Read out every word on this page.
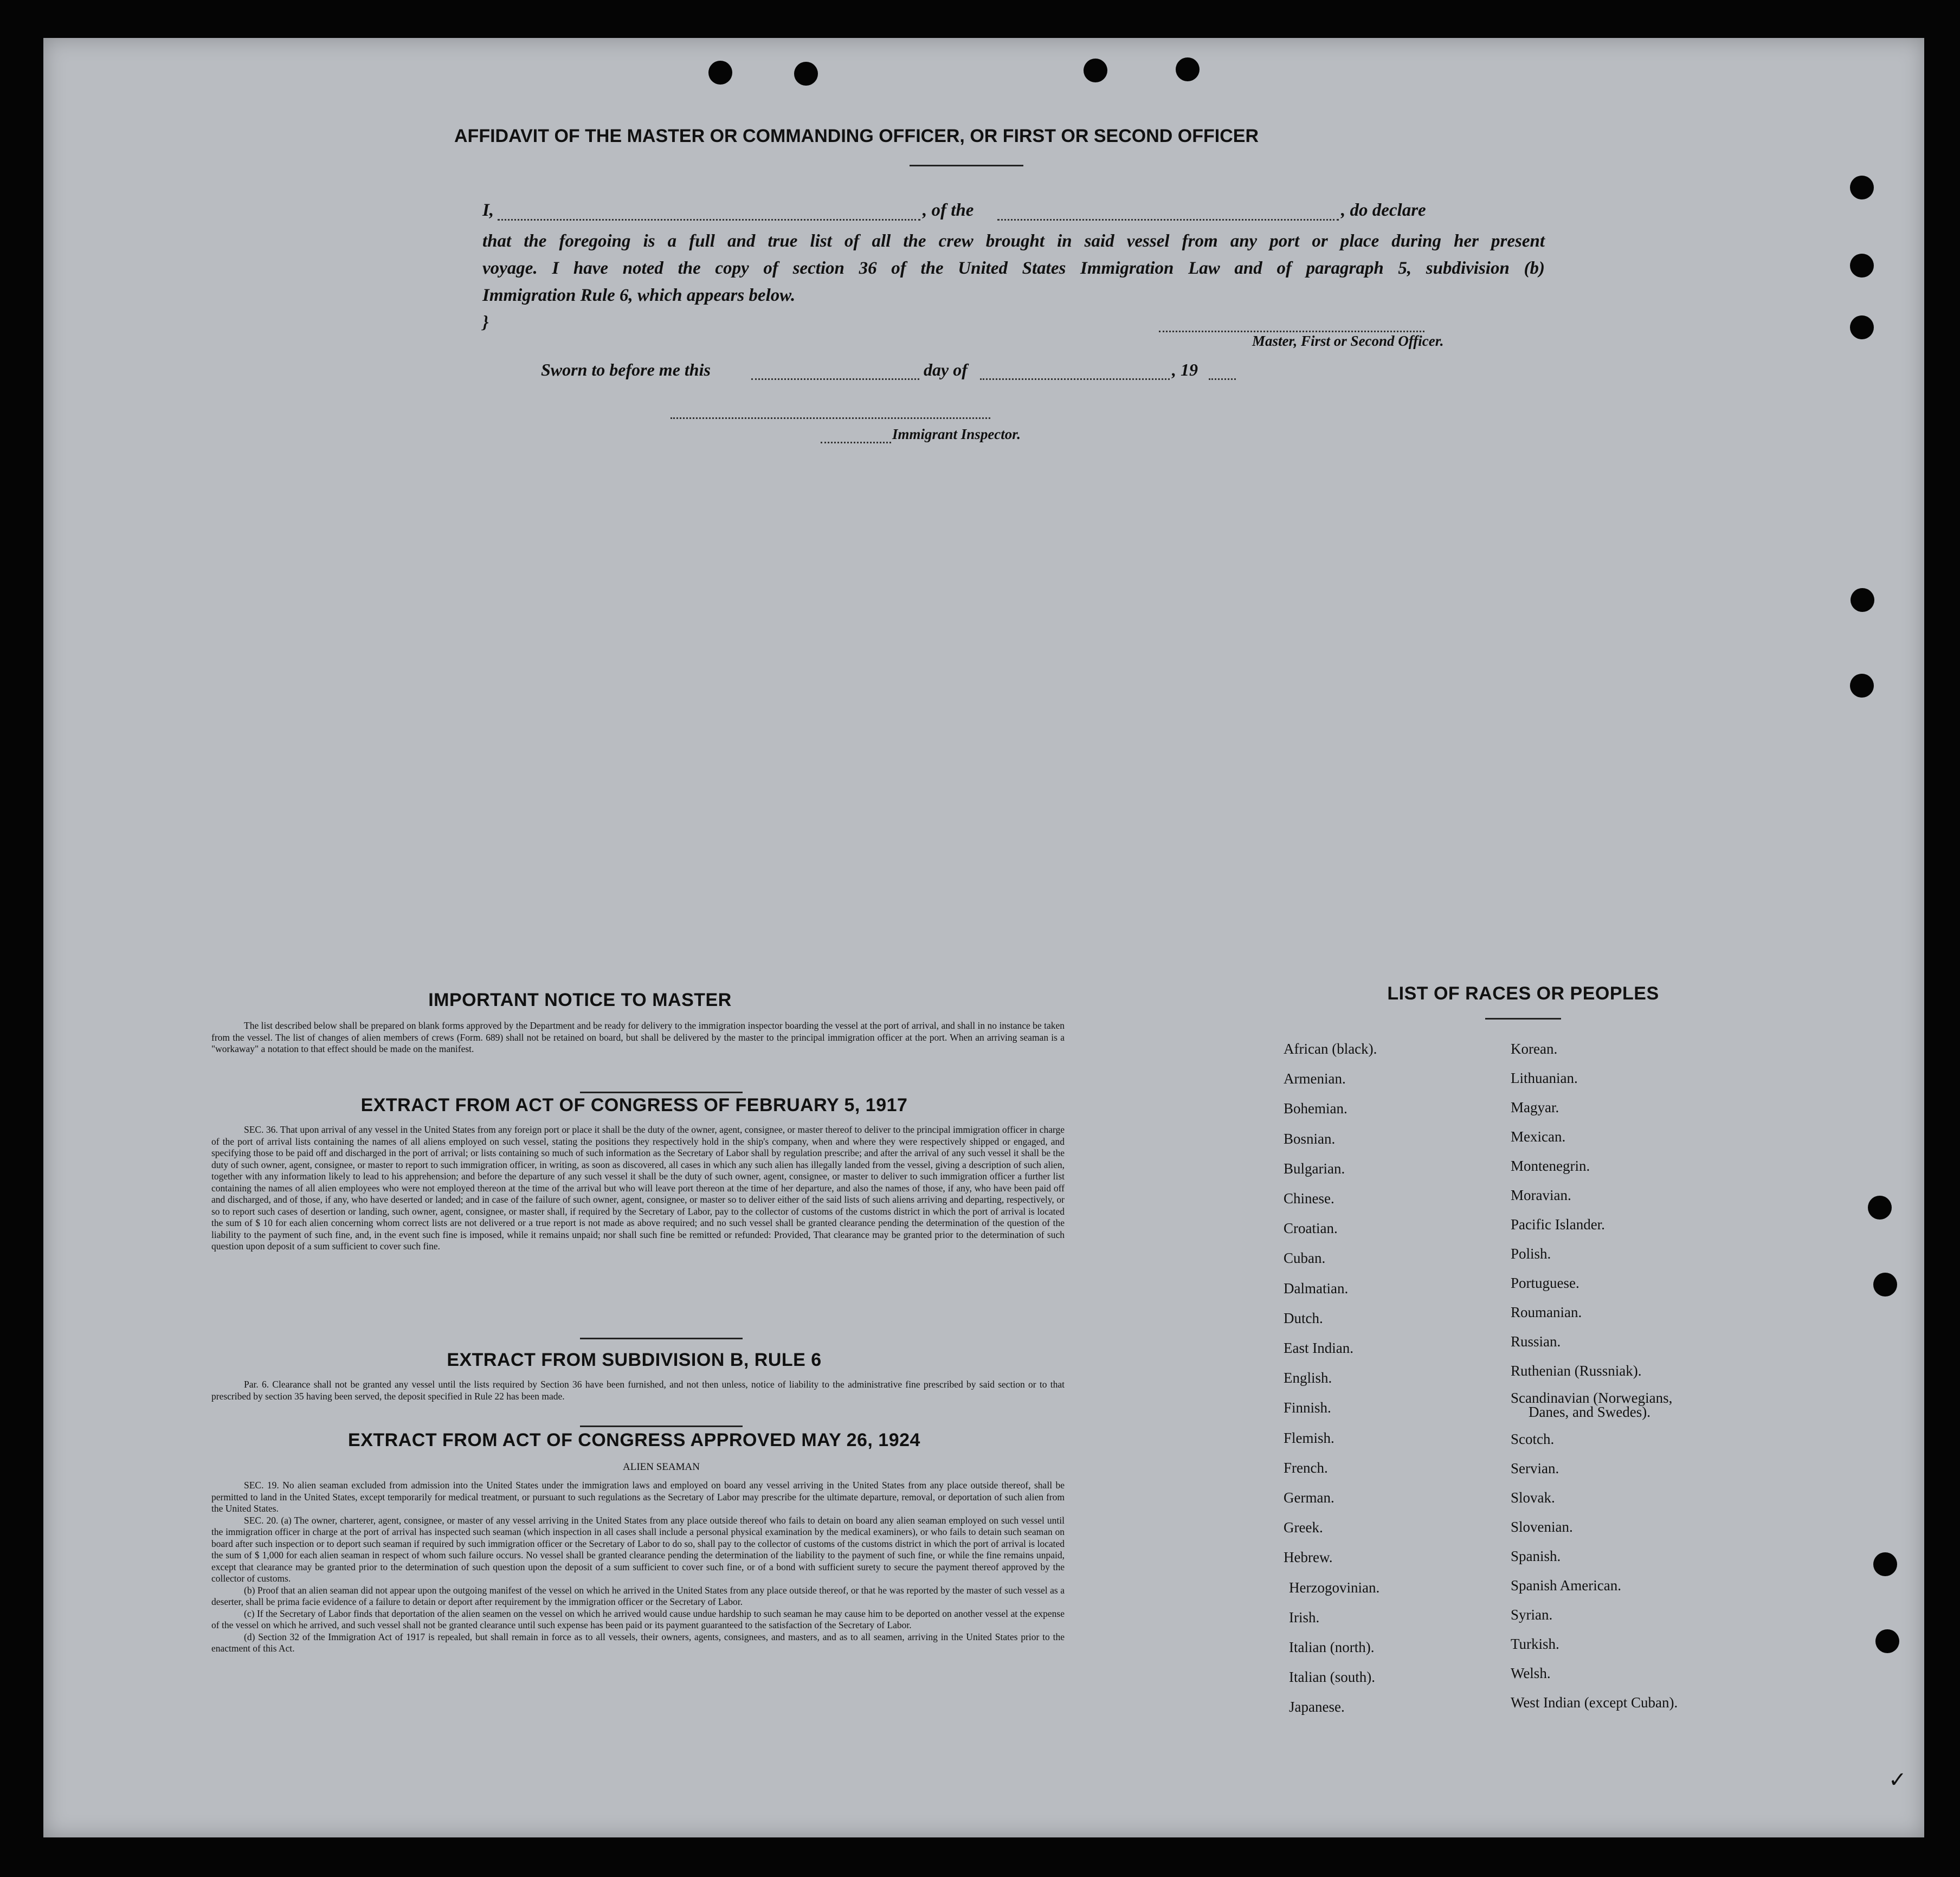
AFFIDAVIT OF THE MASTER OR COMMANDING OFFICER, OR FIRST OR SECOND OFFICER
I,	, of the	, do declare
that the foregoing is a full and true list of all the crew brought in said vessel from any port or place during her present
voyage. I have noted the copy of section 36 of the United States Immigration Law and of paragraph 5, subdivision (b)
Immigration Rule 6, which appears below.
}
Master, First or Second Officer.
Sworn to before me this	day of	, 19
Immigrant Inspector.
IMPORTANT NOTICE TO MASTER

The list described below shall be prepared on blank forms approved by the Department and be ready for delivery to the immigration inspector boarding the vessel at the port of arrival, and shall in no instance be taken from the vessel. The list of changes of alien members of crews (Form. 689) shall not be retained on board, but shall be delivered by the master to the principal immigration officer at the port. When an arriving seaman is a "workaway" a notation to that effect should be made on the manifest.

EXTRACT FROM ACT OF CONGRESS OF FEBRUARY 5, 1917

SEC. 36. That upon arrival of any vessel in the United States from any foreign port or place it shall be the duty of the owner, agent, consignee, or master thereof to deliver to the principal immigration officer in charge of the port of arrival lists containing the names of all aliens employed on such vessel, stating the positions they respectively hold in the ship's company, when and where they were respectively shipped or engaged, and specifying those to be paid off and discharged in the port of arrival; or lists containing so much of such information as the Secretary of Labor shall by regulation prescribe; and after the arrival of any such vessel it shall be the duty of such owner, agent, consignee, or master to report to such immigration officer, in writing, as soon as discovered, all cases in which any such alien has illegally landed from the vessel, giving a description of such alien, together with any information likely to lead to his apprehension; and before the departure of any such vessel it shall be the duty of such owner, agent, consignee, or master to deliver to such immigration officer a further list containing the names of all alien employees who were not employed thereon at the time of the arrival but who will leave port thereon at the time of her departure, and also the names of those, if any, who have been paid off and discharged, and of those, if any, who have deserted or landed; and in case of the failure of such owner, agent, consignee, or master so to deliver either of the said lists of such aliens arriving and departing, respectively, or so to report such cases of desertion or landing, such owner, agent, consignee, or master shall, if required by the Secretary of Labor, pay to the collector of customs of the customs district in which the port of arrival is located the sum of $ 10 for each alien concerning whom correct lists are not delivered or a true report is not made as above required; and no such vessel shall be granted clearance pending the determination of the question of the liability to the payment of such fine, and, in the event such fine is imposed, while it remains unpaid; nor shall such fine be remitted or refunded: Provided, That clearance may be granted prior to the determination of such question upon deposit of a sum sufficient to cover such fine.

EXTRACT FROM SUBDIVISION B, RULE 6

Par. 6. Clearance shall not be granted any vessel until the lists required by Section 36 have been furnished, and not then unless, notice of liability to the administrative fine prescribed by said section or to that prescribed by section 35 having been served, the deposit specified in Rule 22 has been made.

EXTRACT FROM ACT OF CONGRESS APPROVED MAY 26, 1924
ALIEN SEAMAN

SEC. 19. No alien seaman excluded from admission into the United States under the immigration laws and employed on board any vessel arriving in the United States from any place outside thereof, shall be permitted to land in the United States, except temporarily for medical treatment, or pursuant to such regulations as the Secretary of Labor may prescribe for the ultimate departure, removal, or deportation of such alien from the United States.

SEC. 20. (a) The owner, charterer, agent, consignee, or master of any vessel arriving in the United States from any place outside thereof who fails to detain on board any alien seaman employed on such vessel until the immigration officer in charge at the port of arrival has inspected such seaman (which inspection in all cases shall include a personal physical examination by the medical examiners), or who fails to detain such seaman on board after such inspection or to deport such seaman if required by such immigration officer or the Secretary of Labor to do so, shall pay to the collector of customs of the customs district in which the port of arrival is located the sum of $ 1,000 for each alien seaman in respect of whom such failure occurs. No vessel shall be granted clearance pending the determination of the liability to the payment of such fine, or while the fine remains unpaid, except that clearance may be granted prior to the determination of such question upon the deposit of a sum sufficient to cover such fine, or of a bond with sufficient surety to secure the payment thereof approved by the collector of customs.

(b) Proof that an alien seaman did not appear upon the outgoing manifest of the vessel on which he arrived in the United States from any place outside thereof, or that he was reported by the master of such vessel as a deserter, shall be prima facie evidence of a failure to detain or deport after requirement by the immigration officer or the Secretary of Labor.

(c) If the Secretary of Labor finds that deportation of the alien seamen on the vessel on which he arrived would cause undue hardship to such seaman he may cause him to be deported on another vessel at the expense of the vessel on which he arrived, and such vessel shall not be granted clearance until such expense has been paid or its payment guaranteed to the satisfaction of the Secretary of Labor.

(d) Section 32 of the Immigration Act of 1917 is repealed, but shall remain in force as to all vessels, their owners, agents, consignees, and masters, and as to all seamen, arriving in the United States prior to the enactment of this Act.

LIST OF RACES OR PEOPLES
✓
African (black).
Armenian.
Bohemian.
Bosnian.
Bulgarian.
Chinese.
Croatian.
Cuban.
Dalmatian.
Dutch.
East Indian.
English.
Finnish.
Flemish.
French.
German.
Greek.
Hebrew.
Herzogovinian.
Irish.
Italian (north).
Italian (south).
Japanese.
Korean.
Lithuanian.
Magyar.
Mexican.
Montenegrin.
Moravian.
Pacific Islander.
Polish.
Portuguese.
Roumanian.
Russian.
Ruthenian (Russniak).
Scandinavian (Norwegians,
Danes, and Swedes).
Scotch.
Servian.
Slovak.
Slovenian.
Spanish.
Spanish American.
Syrian.
Turkish.
Welsh.
West Indian (except Cuban).
